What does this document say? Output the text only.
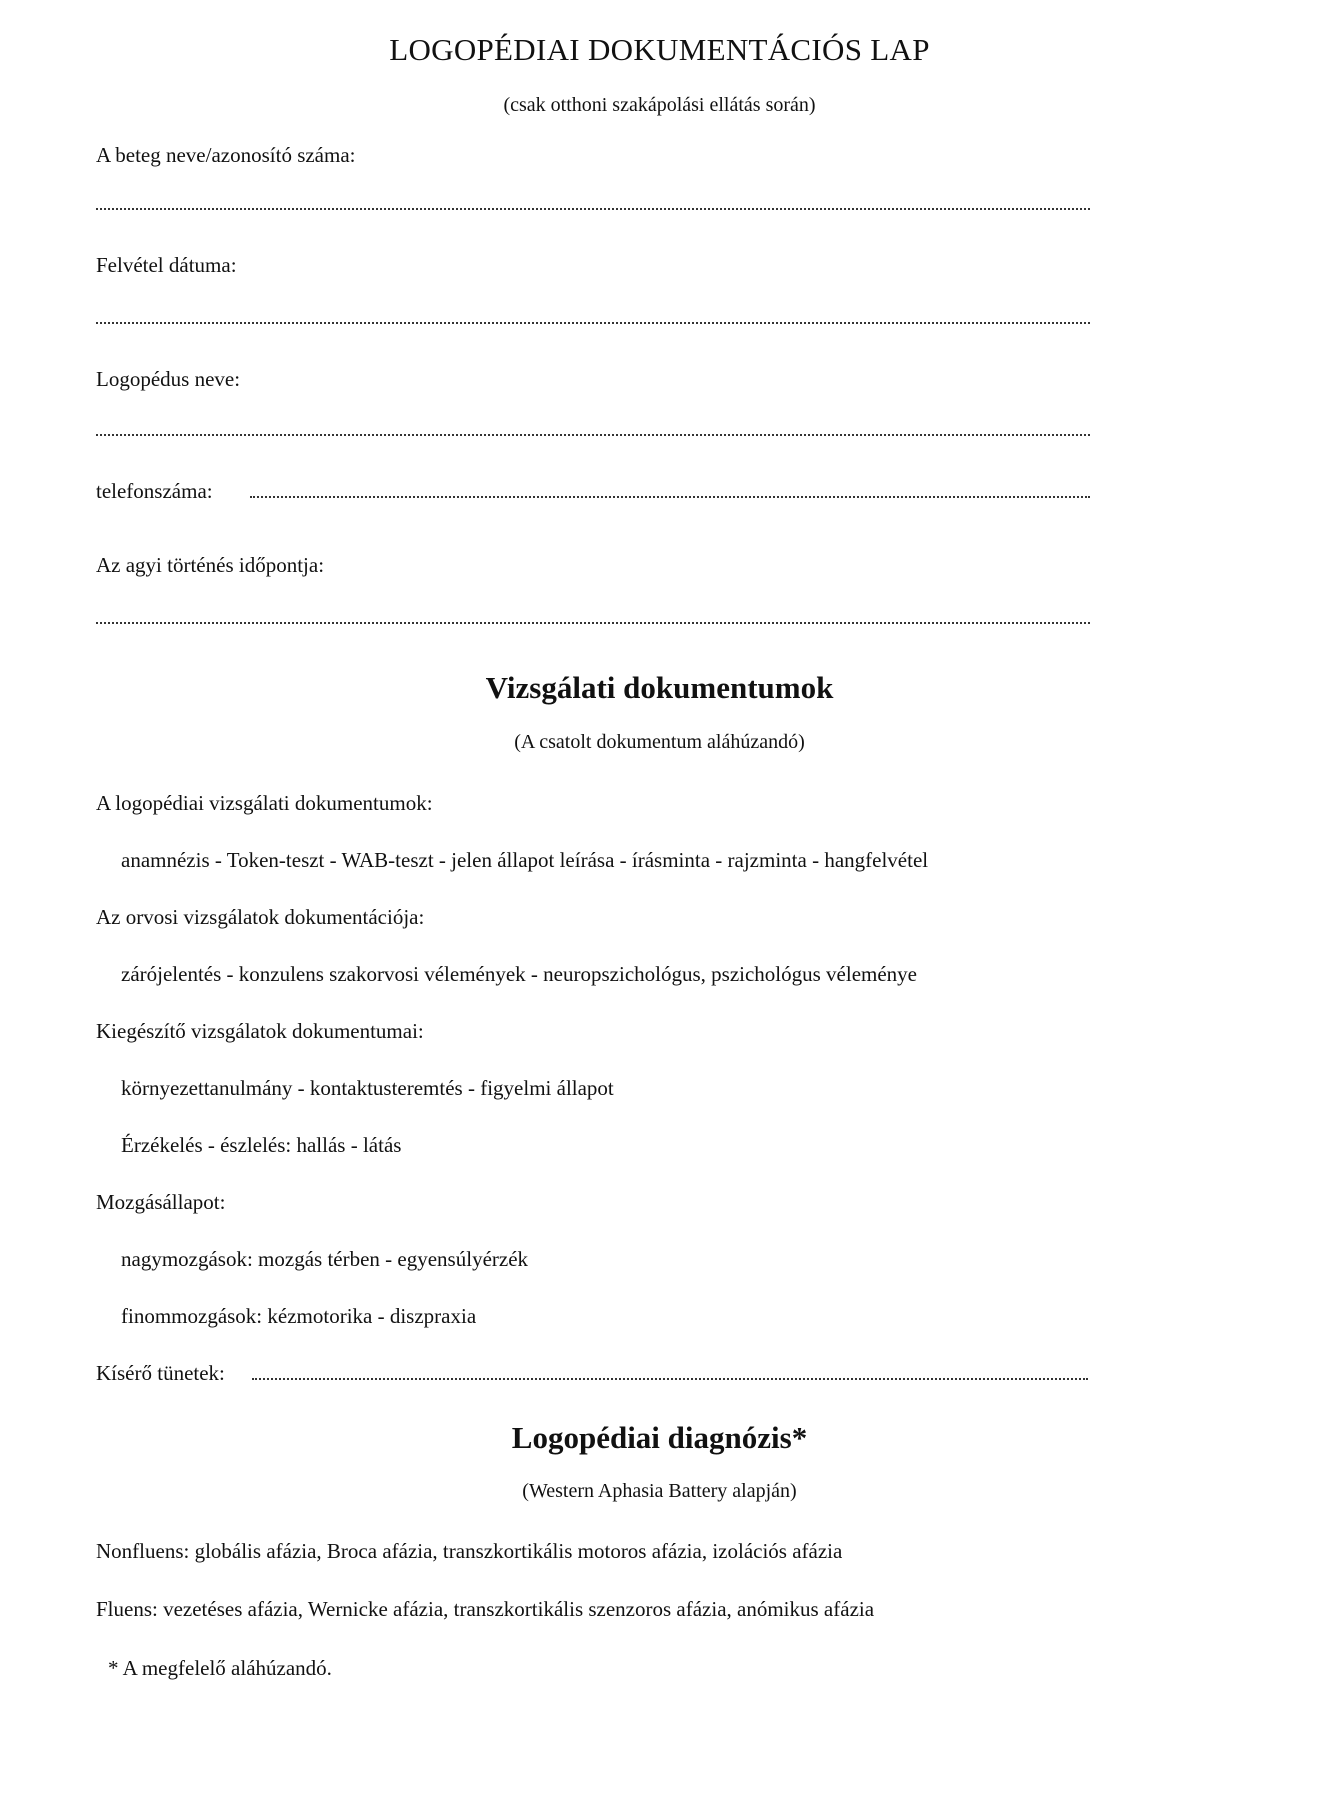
LOGOPÉDIAI DOKUMENTÁCIÓS LAP
(csak otthoni szakápolási ellátás során)
A beteg neve/azonosító száma:
Felvétel dátuma:
Logopédus neve:
telefonszáma:
Az agyi történés időpontja:
Vizsgálati dokumentumok
(A csatolt dokumentum aláhúzandó)
A logopédiai vizsgálati dokumentumok:
anamnézis - Token-teszt - WAB-teszt - jelen állapot leírása - írásminta - rajzminta - hangfelvétel
Az orvosi vizsgálatok dokumentációja:
zárójelentés - konzulens szakorvosi vélemények - neuropszichológus, pszichológus véleménye
Kiegészítő vizsgálatok dokumentumai:
környezettanulmány - kontaktusteremtés - figyelmi állapot
Érzékelés - észlelés: hallás - látás
Mozgásállapot:
nagymozgások: mozgás térben - egyensúlyérzék
finommozgások: kézmotorika - diszpraxia
Kísérő tünetek:
Logopédiai diagnózis*
(Western Aphasia Battery alapján)
Nonfluens: globális afázia, Broca afázia, transzkortikális motoros afázia, izolációs afázia
Fluens: vezetéses afázia, Wernicke afázia, transzkortikális szenzoros afázia, anómikus afázia
* A megfelelő aláhúzandó.
